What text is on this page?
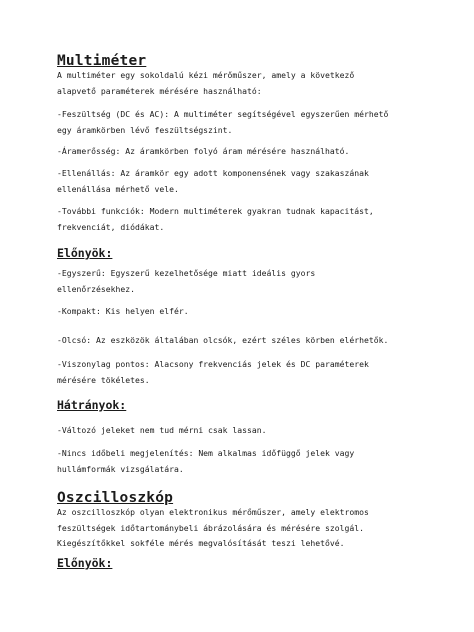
Multiméter
A multiméter egy sokoldalú kézi mérőműszer, amely a következő
alapvető paraméterek mérésére használható:
-Feszültség (DC és AC): A multiméter segítségével egyszerűen mérhető
egy áramkörben lévő feszültségszint.
-Áramerősség: Az áramkörben folyó áram mérésére használható.
-Ellenállás: Az áramkör egy adott komponensének vagy szakaszának
ellenállása mérhető vele.
-További funkciók: Modern multiméterek gyakran tudnak kapacitást,
frekvenciát, diódákat.
Előnyök:
-Egyszerű: Egyszerű kezelhetősége miatt ideális gyors
ellenőrzésekhez.
-Kompakt: Kis helyen elfér.
-Olcsó: Az eszközök általában olcsók, ezért széles körben elérhetők.
-Viszonylag pontos: Alacsony frekvenciás jelek és DC paraméterek
mérésére tökéletes.
Hátrányok:
-Változó jeleket nem tud mérni csak lassan.
-Nincs időbeli megjelenítés: Nem alkalmas időfüggő jelek vagy
hullámformák vizsgálatára.
Oszcilloszkóp
Az oszcilloszkóp olyan elektronikus mérőműszer, amely elektromos
feszültségek időtartománybeli ábrázolására és mérésére szolgál.
Kiegészítőkkel sokféle mérés megvalósítását teszi lehetővé.
Előnyök:
